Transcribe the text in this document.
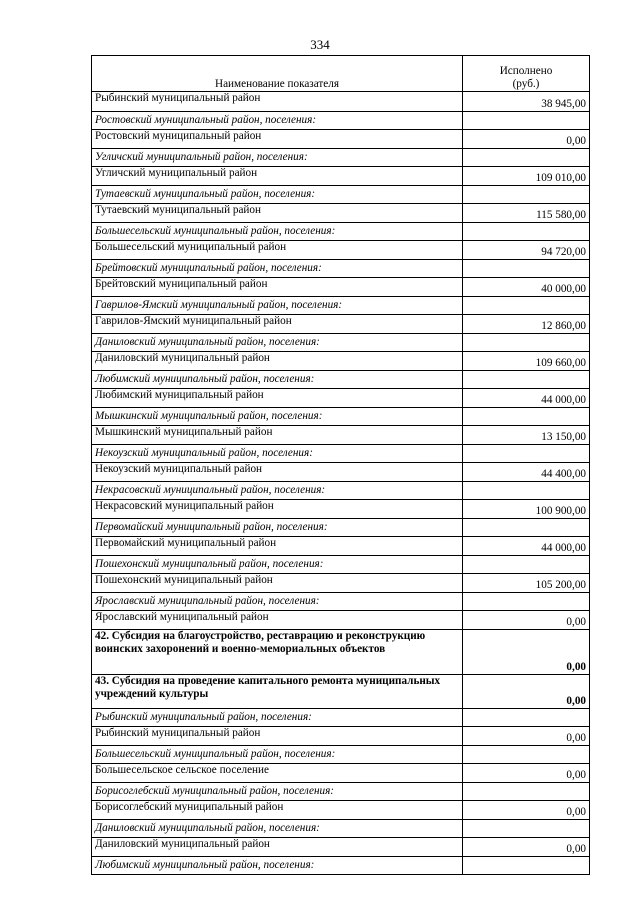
334
Наименование показателя	Исполнено
(руб.)

Рыбинский муниципальный район	38 945,00
Ростовский муниципальный район, поселения:	
Ростовский муниципальный район	0,00
Угличский муниципальный район, поселения:	
Угличский муниципальный район	109 010,00
Тутаевский муниципальный район, поселения:	
Тутаевский муниципальный район	115 580,00
Большесельский муниципальный район, поселения:	
Большесельский муниципальный район	94 720,00
Брейтовский муниципальный район, поселения:	
Брейтовский муниципальный район	40 000,00
Гаврилов-Ямский муниципальный район, поселения:	
Гаврилов-Ямский муниципальный район	12 860,00
Даниловский муниципальный район, поселения:	
Даниловский муниципальный район	109 660,00
Любимский муниципальный район, поселения:	
Любимский муниципальный район	44 000,00
Мышкинский муниципальный район, поселения:	
Мышкинский муниципальный район	13 150,00
Некоузский муниципальный район, поселения:	
Некоузский муниципальный район	44 400,00
Некрасовский муниципальный район, поселения:	
Некрасовский муниципальный район	100 900,00
Первомайский муниципальный район, поселения:	
Первомайский муниципальный район	44 000,00
Пошехонский муниципальный район, поселения:	
Пошехонский муниципальный район	105 200,00
Ярославский муниципальный район, поселения:	
Ярославский муниципальный район	0,00
42. Субсидия на благоустройство, реставрацию и реконструкцию воинских захоронений и военно-мемориальных объектов	0,00
43. Субсидия на проведение капитального ремонта муниципальных учреждений культуры	0,00
Рыбинский муниципальный район, поселения:	
Рыбинский муниципальный район	0,00
Большесельский муниципальный район, поселения:	
Большесельское сельское поселение	0,00
Борисоглебский муниципальный район, поселения:	
Борисоглебский муниципальный район	0,00
Даниловский муниципальный район, поселения:	
Даниловский муниципальный район	0,00
Любимский муниципальный район, поселения:	
